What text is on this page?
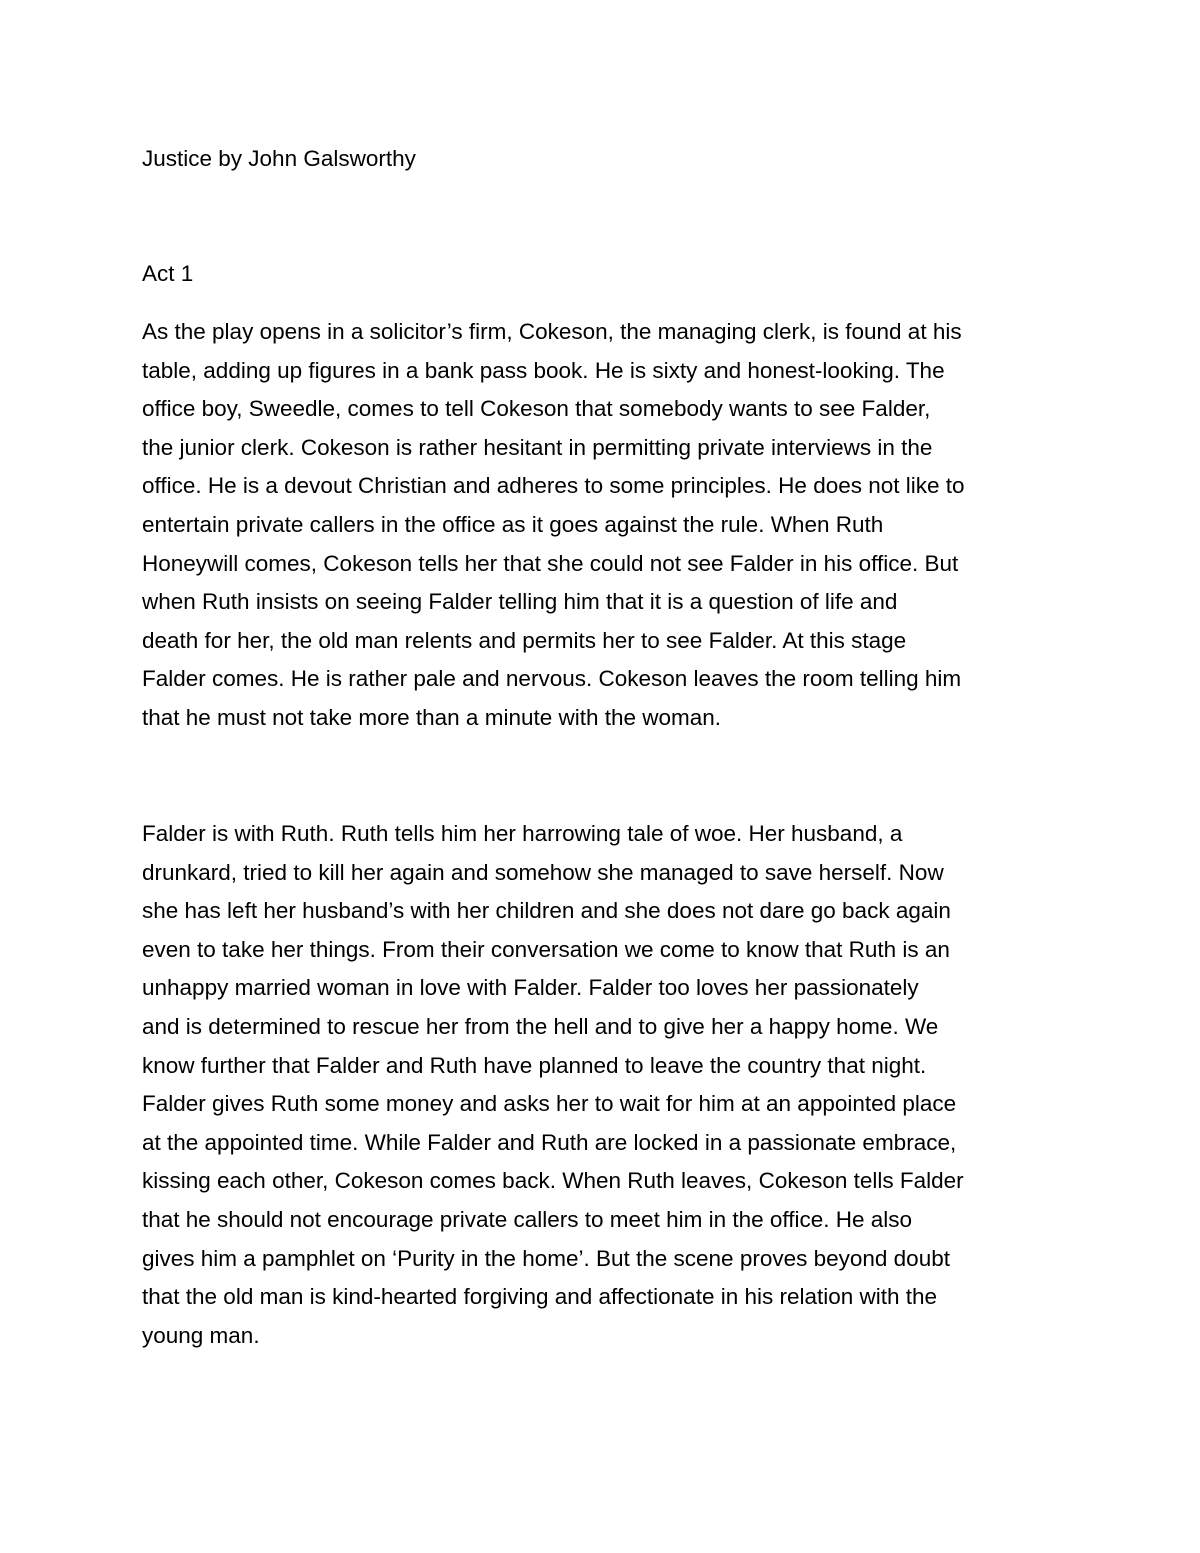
Justice by John Galsworthy

Act 1

As the play opens in a solicitor’s firm, Cokeson, the managing clerk, is found at his
table, adding up figures in a bank pass book. He is sixty and honest-looking. The
office boy, Sweedle, comes to tell Cokeson that somebody wants to see Falder,
the junior clerk. Cokeson is rather hesitant in permitting private interviews in the
office. He is a devout Christian and adheres to some principles. He does not like to
entertain private callers in the office as it goes against the rule. When Ruth
Honeywill comes, Cokeson tells her that she could not see Falder in his office. But
when Ruth insists on seeing Falder telling him that it is a question of life and
death for her, the old man relents and permits her to see Falder. At this stage
Falder comes. He is rather pale and nervous. Cokeson leaves the room telling him
that he must not take more than a minute with the woman.

Falder is with Ruth. Ruth tells him her harrowing tale of woe. Her husband, a
drunkard, tried to kill her again and somehow she managed to save herself. Now
she has left her husband’s with her children and she does not dare go back again
even to take her things. From their conversation we come to know that Ruth is an
unhappy married woman in love with Falder. Falder too loves her passionately
and is determined to rescue her from the hell and to give her a happy home. We
know further that Falder and Ruth have planned to leave the country that night.
Falder gives Ruth some money and asks her to wait for him at an appointed place
at the appointed time. While Falder and Ruth are locked in a passionate embrace,
kissing each other, Cokeson comes back. When Ruth leaves, Cokeson tells Falder
that he should not encourage private callers to meet him in the office. He also
gives him a pamphlet on ‘Purity in the home’. But the scene proves beyond doubt
that the old man is kind-hearted forgiving and affectionate in his relation with the
young man.
